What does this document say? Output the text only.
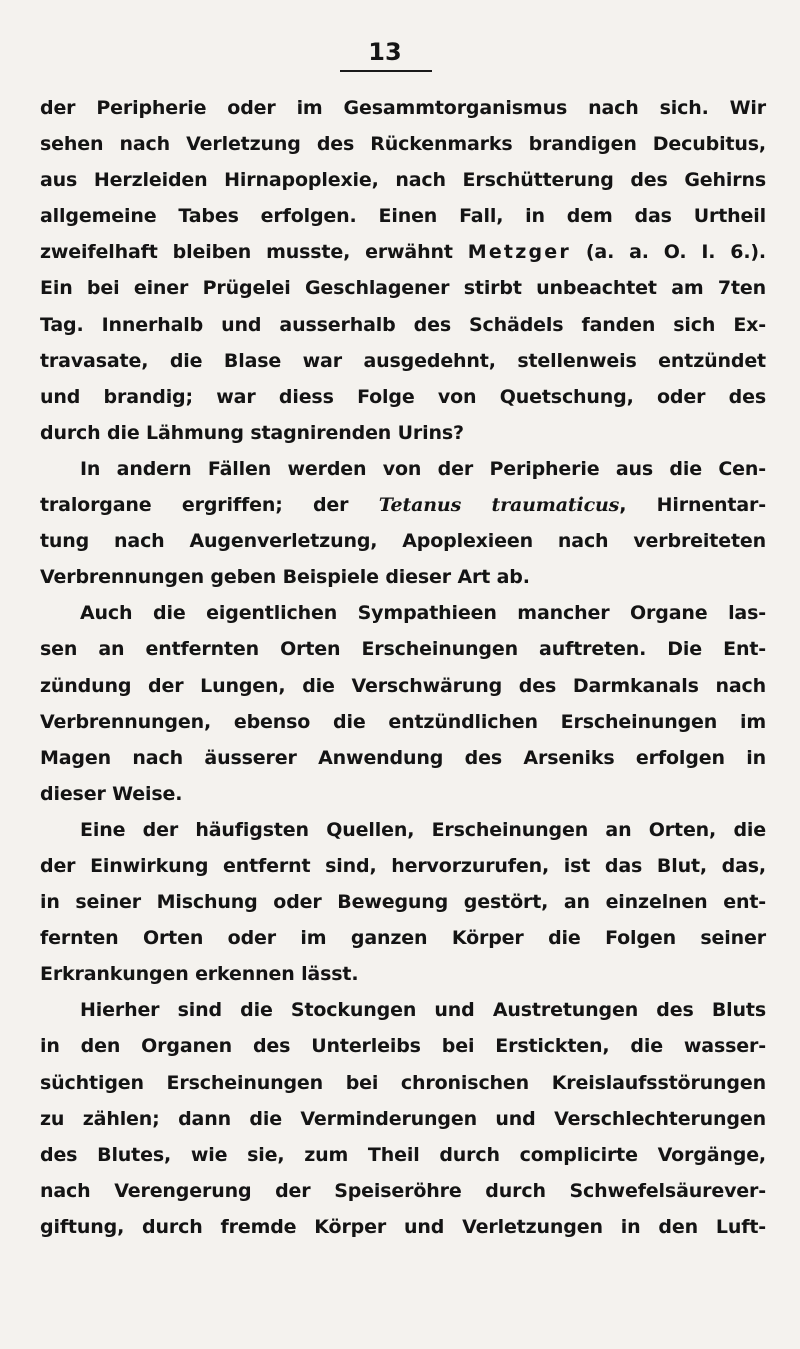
13
der Peripherie oder im Gesammtorganismus nach sich. Wir
sehen nach Verletzung des Rückenmarks brandigen Decubitus,
aus Herzleiden Hirnapoplexie, nach Erschütterung des Gehirns
allgemeine Tabes erfolgen. Einen Fall, in dem das Urtheil
zweifelhaft bleiben musste, erwähnt Metzger (a. a. O. I. 6.).
Ein bei einer Prügelei Geschlagener stirbt unbeachtet am 7ten
Tag. Innerhalb und ausserhalb des Schädels fanden sich Ex-
travasate, die Blase war ausgedehnt, stellenweis entzündet
und brandig; war diess Folge von Quetschung, oder des
durch die Lähmung stagnirenden Urins?
In andern Fällen werden von der Peripherie aus die Cen-
tralorgane ergriffen; der Tetanus traumaticus, Hirnentar-
tung nach Augenverletzung, Apoplexieen nach verbreiteten
Verbrennungen geben Beispiele dieser Art ab.
Auch die eigentlichen Sympathieen mancher Organe las-
sen an entfernten Orten Erscheinungen auftreten. Die Ent-
zündung der Lungen, die Verschwärung des Darmkanals nach
Verbrennungen, ebenso die entzündlichen Erscheinungen im
Magen nach äusserer Anwendung des Arseniks erfolgen in
dieser Weise.
Eine der häufigsten Quellen, Erscheinungen an Orten, die
der Einwirkung entfernt sind, hervorzurufen, ist das Blut, das,
in seiner Mischung oder Bewegung gestört, an einzelnen ent-
fernten Orten oder im ganzen Körper die Folgen seiner
Erkrankungen erkennen lässt.
Hierher sind die Stockungen und Austretungen des Bluts
in den Organen des Unterleibs bei Erstickten, die wasser-
süchtigen Erscheinungen bei chronischen Kreislaufsstörungen
zu zählen; dann die Verminderungen und Verschlechterungen
des Blutes, wie sie, zum Theil durch complicirte Vorgänge,
nach Verengerung der Speiseröhre durch Schwefelsäurever-
giftung, durch fremde Körper und Verletzungen in den Luft-
